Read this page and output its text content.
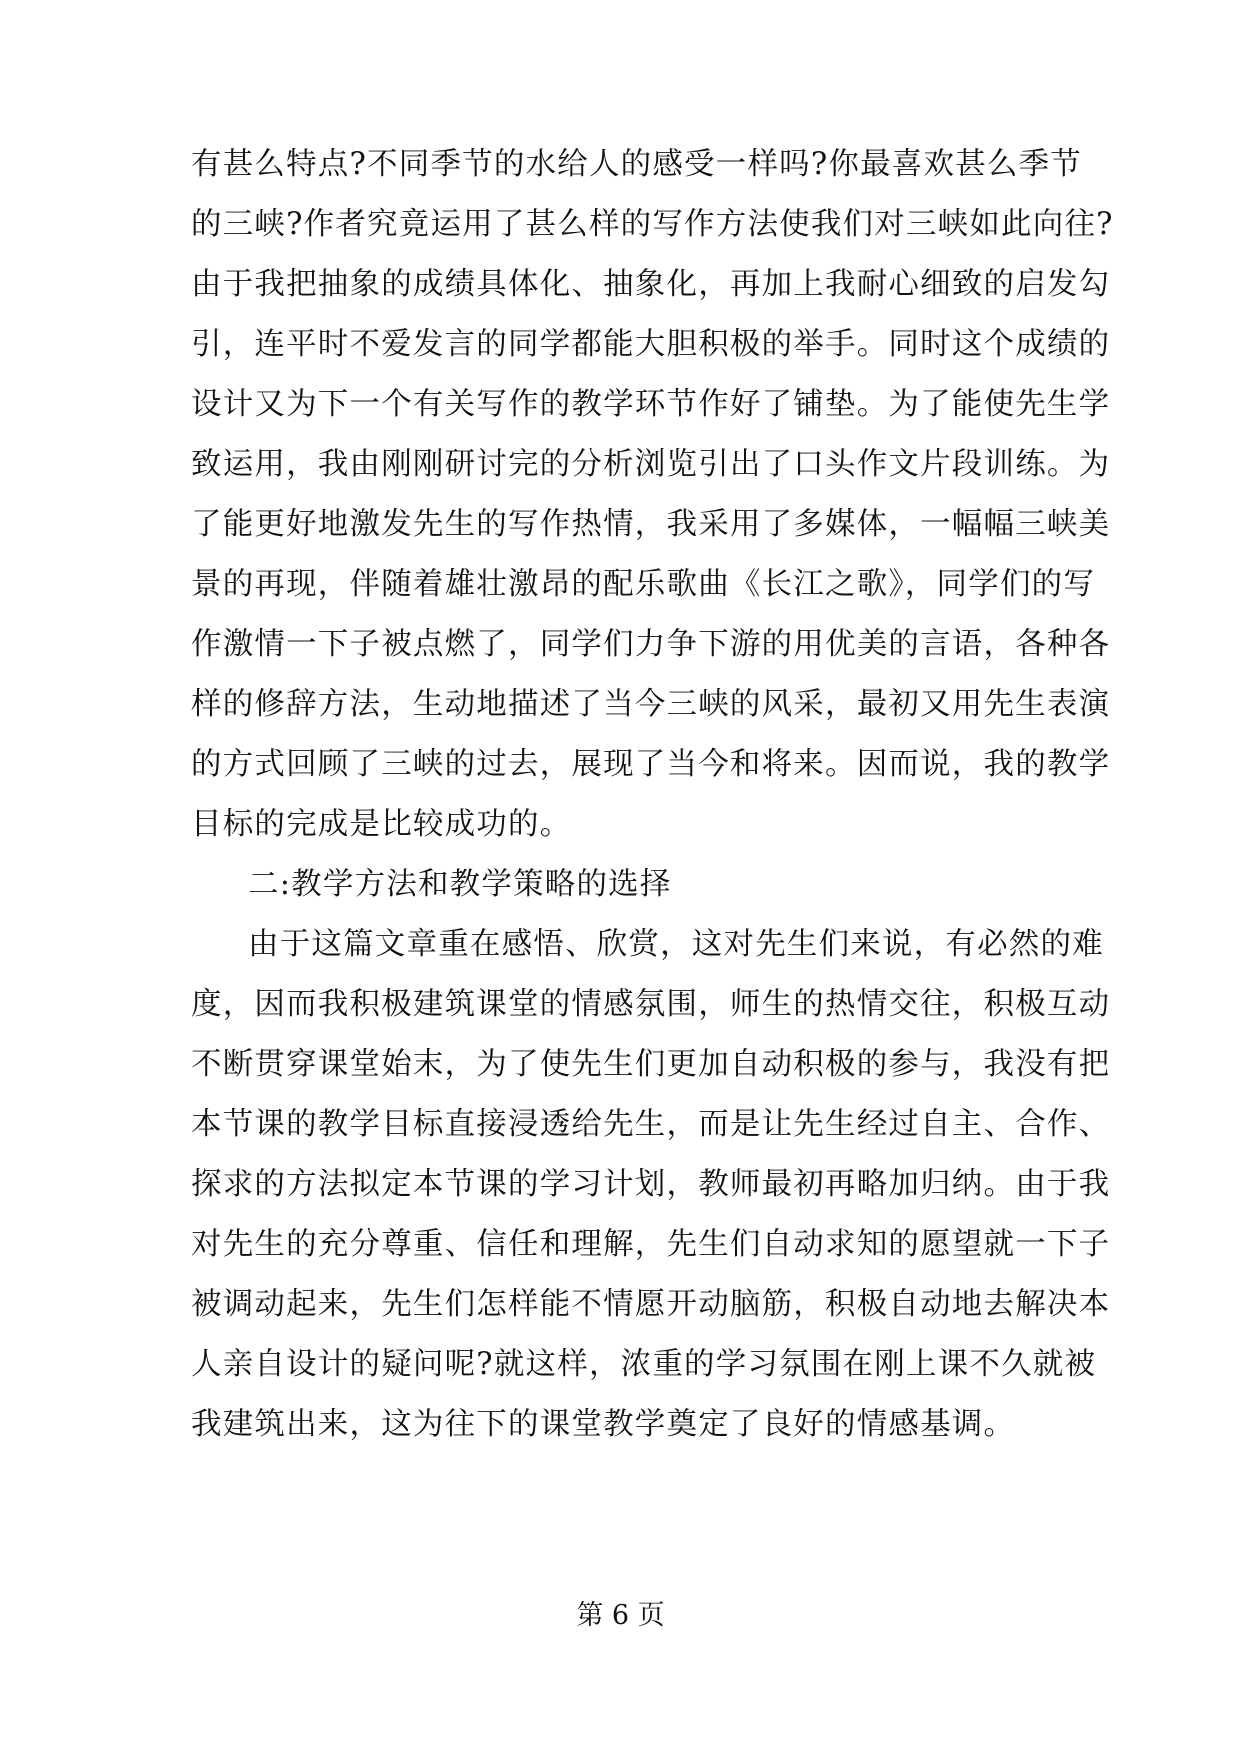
有甚么特点?不同季节的水给人的感受一样吗?你最喜欢甚么季节
的三峡?作者究竟运用了甚么样的写作方法使我们对三峡如此向往?
由于我把抽象的成绩具体化、抽象化，再加上我耐心细致的启发勾
引，连平时不爱发言的同学都能大胆积极的举手。同时这个成绩的
设计又为下一个有关写作的教学环节作好了铺垫。为了能使先生学
致运用，我由刚刚研讨完的分析浏览引出了口头作文片段训练。为
了能更好地激发先生的写作热情，我采用了多媒体，一幅幅三峡美
景的再现，伴随着雄壮激昂的配乐歌曲《长江之歌》，同学们的写
作激情一下子被点燃了，同学们力争下游的用优美的言语，各种各
样的修辞方法，生动地描述了当今三峡的风采，最初又用先生表演
的方式回顾了三峡的过去，展现了当今和将来。因而说，我的教学
目标的完成是比较成功的。
二:教学方法和教学策略的选择
由于这篇文章重在感悟、欣赏，这对先生们来说，有必然的难
度，因而我积极建筑课堂的情感氛围，师生的热情交往，积极互动
不断贯穿课堂始末，为了使先生们更加自动积极的参与，我没有把
本节课的教学目标直接浸透给先生，而是让先生经过自主、合作、
探求的方法拟定本节课的学习计划，教师最初再略加归纳。由于我
对先生的充分尊重、信任和理解，先生们自动求知的愿望就一下子
被调动起来，先生们怎样能不情愿开动脑筋，积极自动地去解决本
人亲自设计的疑问呢?就这样，浓重的学习氛围在刚上课不久就被
我建筑出来，这为往下的课堂教学奠定了良好的情感基调。
第 6 页
